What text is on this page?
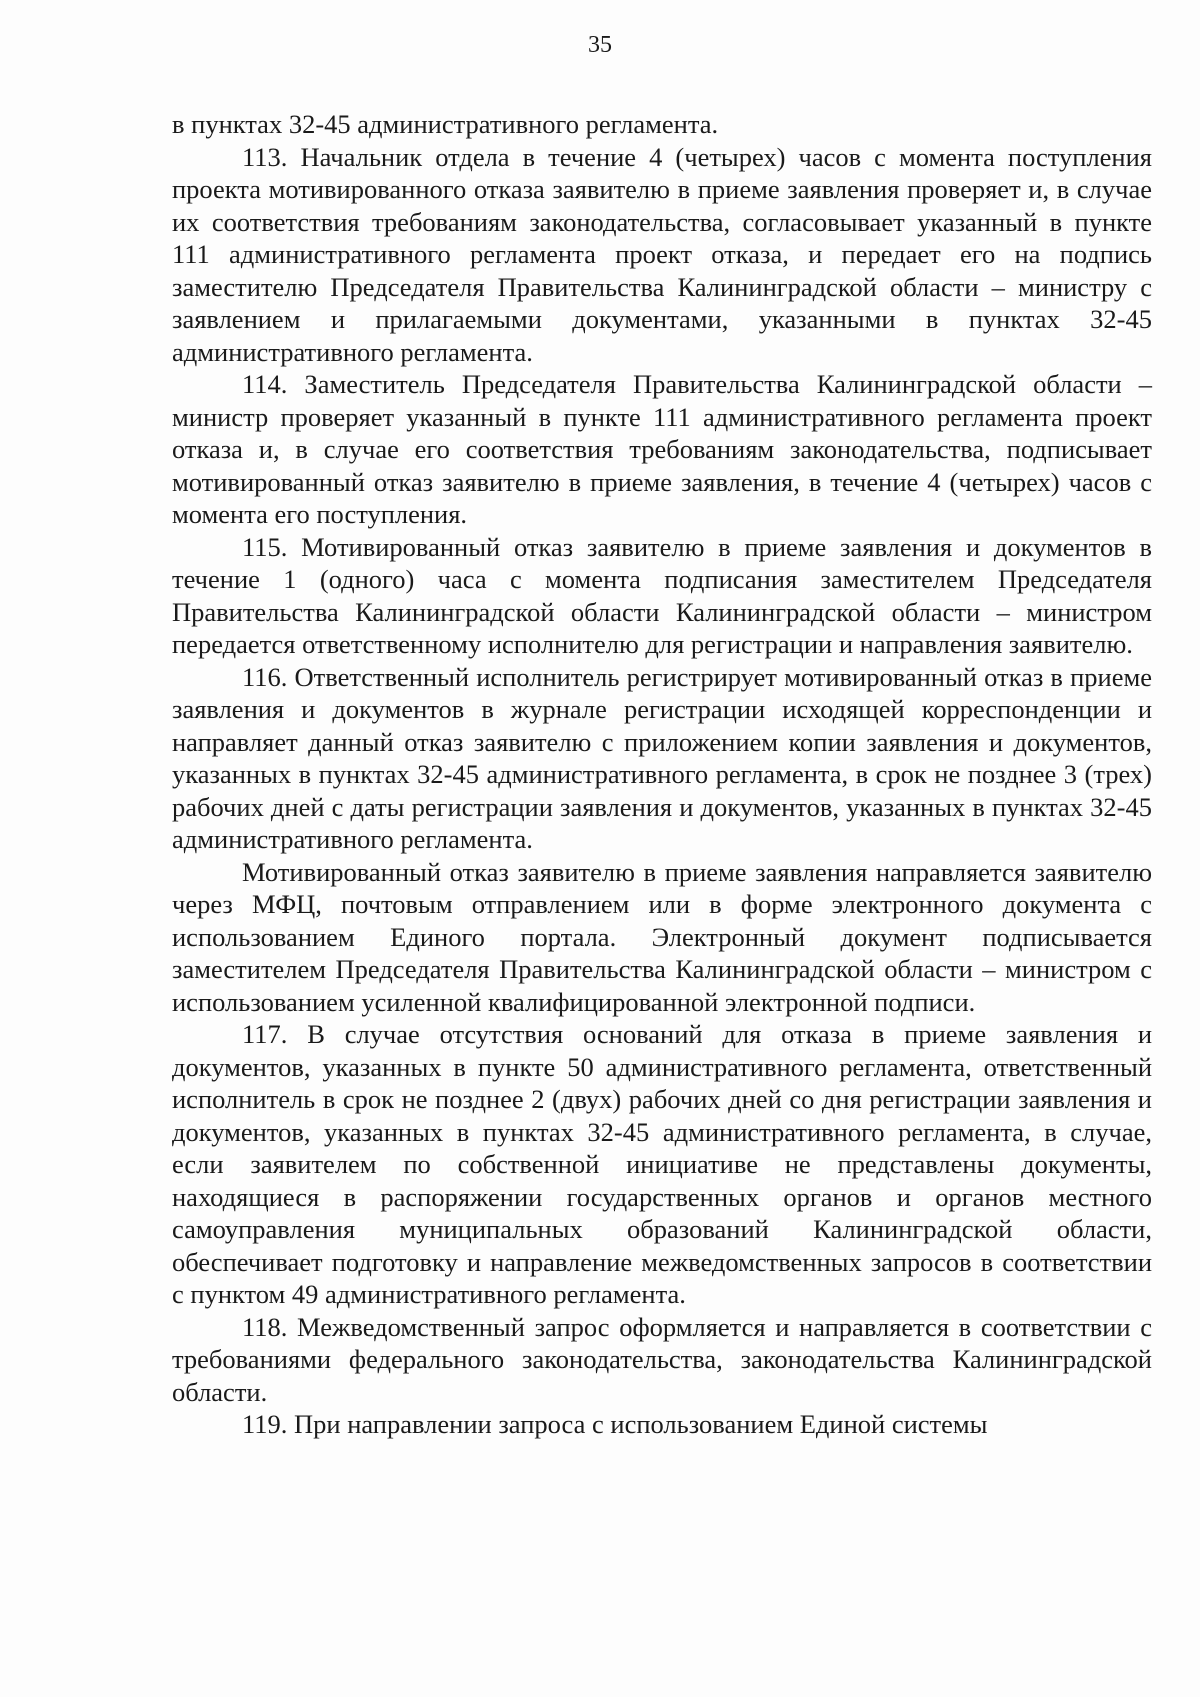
35

в пунктах 32-45 административного регламента.

113. Начальник отдела в течение 4 (четырех) часов с момента поступления проекта мотивированного отказа заявителю в приеме заявления проверяет и, в случае их соответствия требованиям законодательства, согласовывает указанный в пункте 111 административного регламента проект отказа, и передает его на подпись заместителю Председателя Правительства Калининградской области – министру с заявлением и прилагаемыми документами, указанными в пунктах 32-45 административного регламента.

114. Заместитель Председателя Правительства Калининградской области – министр проверяет указанный в пункте 111 административного регламента проект отказа и, в случае его соответствия требованиям законодательства, подписывает мотивированный отказ заявителю в приеме заявления, в течение 4 (четырех) часов с момента его поступления.

115. Мотивированный отказ заявителю в приеме заявления и документов в течение 1 (одного) часа с момента подписания заместителем Председателя Правительства Калининградской области Калининградской области – министром передается ответственному исполнителю для регистрации и направления заявителю.

116. Ответственный исполнитель регистрирует мотивированный отказ в приеме заявления и документов в журнале регистрации исходящей корреспонденции и направляет данный отказ заявителю с приложением копии заявления и документов, указанных в пунктах 32-45 административного регламента, в срок не позднее 3 (трех) рабочих дней с даты регистрации заявления и документов, указанных в пунктах 32-45 административного регламента.

Мотивированный отказ заявителю в приеме заявления направляется заявителю через МФЦ, почтовым отправлением или в форме электронного документа с использованием Единого портала. Электронный документ подписывается заместителем Председателя Правительства Калининградской области – министром с использованием усиленной квалифицированной электронной подписи.

117. В случае отсутствия оснований для отказа в приеме заявления и документов, указанных в пункте 50 административного регламента, ответственный исполнитель в срок не позднее 2 (двух) рабочих дней со дня регистрации заявления и документов, указанных в пунктах 32-45 административного регламента, в случае, если заявителем по собственной инициативе не представлены документы, находящиеся в распоряжении государственных органов и органов местного самоуправления муниципальных образований Калининградской области, обеспечивает подготовку и направление межведомственных запросов в соответствии с пунктом 49 административного регламента.

118. Межведомственный запрос оформляется и направляется в соответствии с требованиями федерального законодательства, законодательства Калининградской области.

119. При направлении запроса с использованием Единой системы
